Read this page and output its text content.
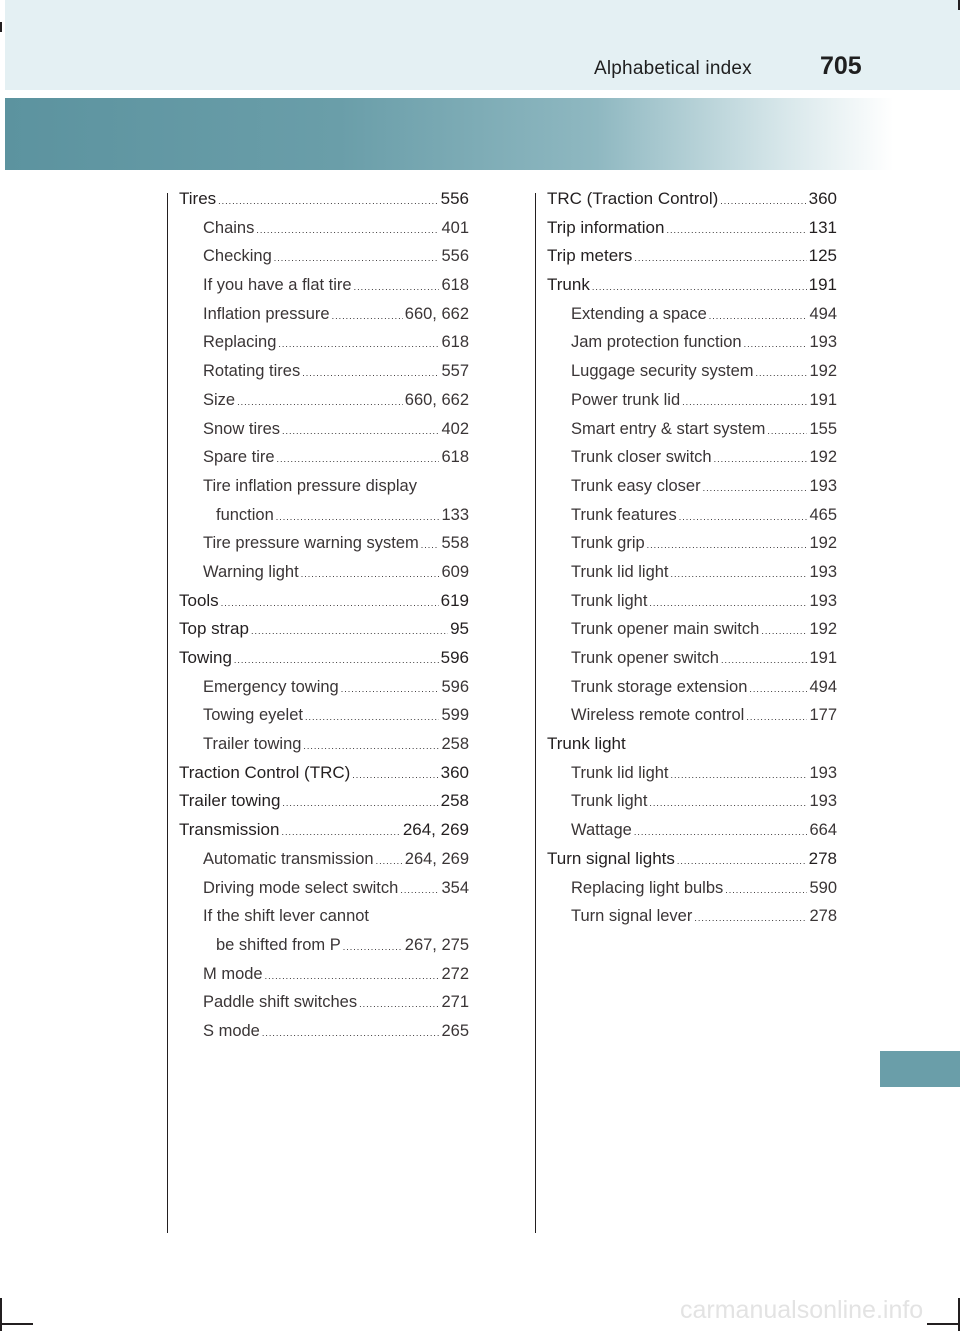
Alphabetical index	705
Tires .....	556
Chains .....	401
Checking .....	556
If you have a flat tire .....	618
Inflation pressure .....	660, 662
Replacing .....	618
Rotating tires .....	557
Size .....	660, 662
Snow tires .....	402
Spare tire .....	618
Tire inflation pressure display
function .....	133
Tire pressure warning system ..... 558
Warning light .....	609
Tools .....	619
Top strap .....	95
Towing .....	596
Emergency towing .....	596
Towing eyelet .....	599
Trailer towing .....	258
Traction Control (TRC) .....	360
Trailer towing .....	258
Transmission .....	264, 269
Automatic transmission ..... 264, 269
Driving mode select switch .....	354
If the shift lever cannot
be shifted from P .....	267, 275
M mode .....	272
Paddle shift switches .....	271
S mode .....	265
TRC (Traction Control) .....	360
Trip information .....	131
Trip meters .....	125
Trunk .....	191
Extending a space .....	494
Jam protection function .....	193
Luggage security system .....	192
Power trunk lid .....	191
Smart entry & start system .....	155
Trunk closer switch .....	192
Trunk easy closer .....	193
Trunk features .....	465
Trunk grip .....	192
Trunk lid light .....	193
Trunk light .....	193
Trunk opener main switch .....	192
Trunk opener switch .....	191
Trunk storage extension .....	494
Wireless remote control .....	177
Trunk light
Trunk lid light .....	193
Trunk light .....	193
Wattage .....	664
Turn signal lights .....	278
Replacing light bulbs .....	590
Turn signal lever .....	278
carmanualsonline.info
